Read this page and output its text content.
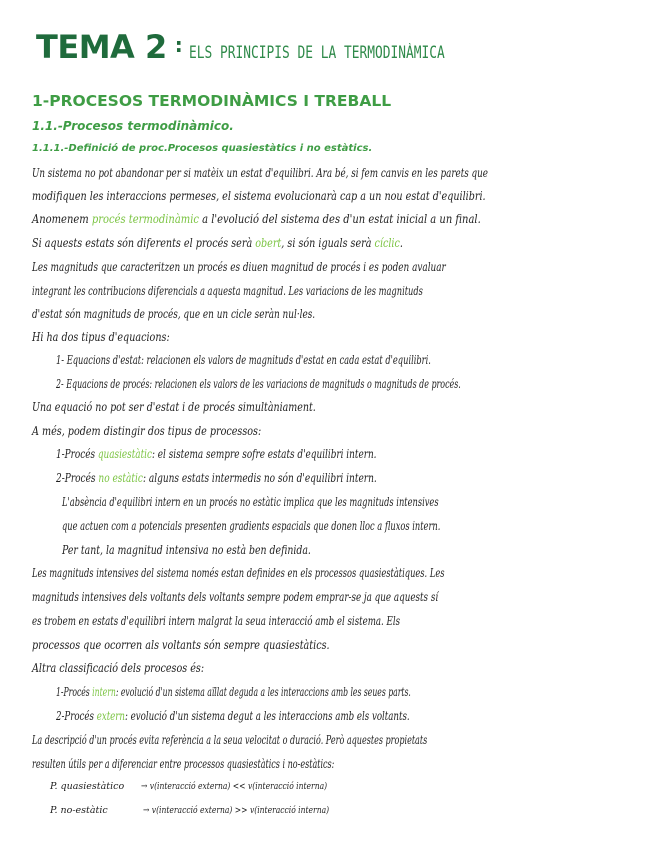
TEMA 2 : ELS PRINCIPIS DE LA TERMODINÀMICA
1-PROCESOS TERMODINÀMICS I TREBALL
1.1.-Procesos termodinàmico.
1.1.1.-Definició de proc.Procesos quasiestàtics i no estàtics.
Un sistema no pot abandonar per si matèix un estat d'equilibri. Ara bé, si fem canvis en les parets que
modifiquen les interaccions permeses, el sistema evolucionarà cap a un nou estat d'equilibri.
Anomenem procés termodinàmic a l'evolució del sistema des d'un estat inicial a un final.
Si aquests estats són diferents el procés serà obert, si són iguals serà cíclic.
Les magnituds que caracteritzen un procés es diuen magnitud de procés i es poden avaluar
integrant les contribucions diferencials a aquesta magnitud. Les variacions de les magnituds
d'estat són magnituds de procés, que en un cicle seràn nul·les.
Hi ha dos tipus d'equacions:
1- Equacions d'estat: relacionen els valors de magnituds d'estat en cada estat d'equilibri.
2- Equacions de procés: relacionen els valors de les variacions de magnituds o magnituds de procés.
Una equació no pot ser d'estat i de procés simultàniament.
A més, podem distingir dos tipus de processos:
1-Procés quasiestàtic: el sistema sempre sofre estats d'equilibri intern.
2-Procés no estàtic: alguns estats intermedis no són d'equilibri intern.
L'absència d'equilibri intern en un procés no estàtic implica que les magnituds intensives
que actuen com a potencials presenten gradients espacials que donen lloc a fluxos intern.
Per tant, la magnitud intensiva no està ben definida.
Les magnituds intensives del sistema només estan definides en els processos quasiestàtiques. Les
magnituds intensives dels voltants dels voltants sempre podem emprar-se ja que aquests sí
es trobem en estats d'equilibri intern malgrat la seua interacció amb el sistema. Els
processos que ocorren als voltants són sempre quasiestàtics.
Altra classificació dels procesos és:
1-Procés intern: evolució d'un sistema aïllat deguda a les interaccions amb les seues parts.
2-Procés extern: evolució d'un sistema degut a les interaccions amb els voltants.
La descripció d'un procés evita referència a la seua velocitat o duració. Però aquestes propietats
resulten útils per a diferenciar entre processos quasiestàtics i no-estàtics:
P. quasiestàtico → v(interacció externa) << v(interacció interna)
P. no-estàtic	→ v(interacció externa) >> v(interacció interna)
